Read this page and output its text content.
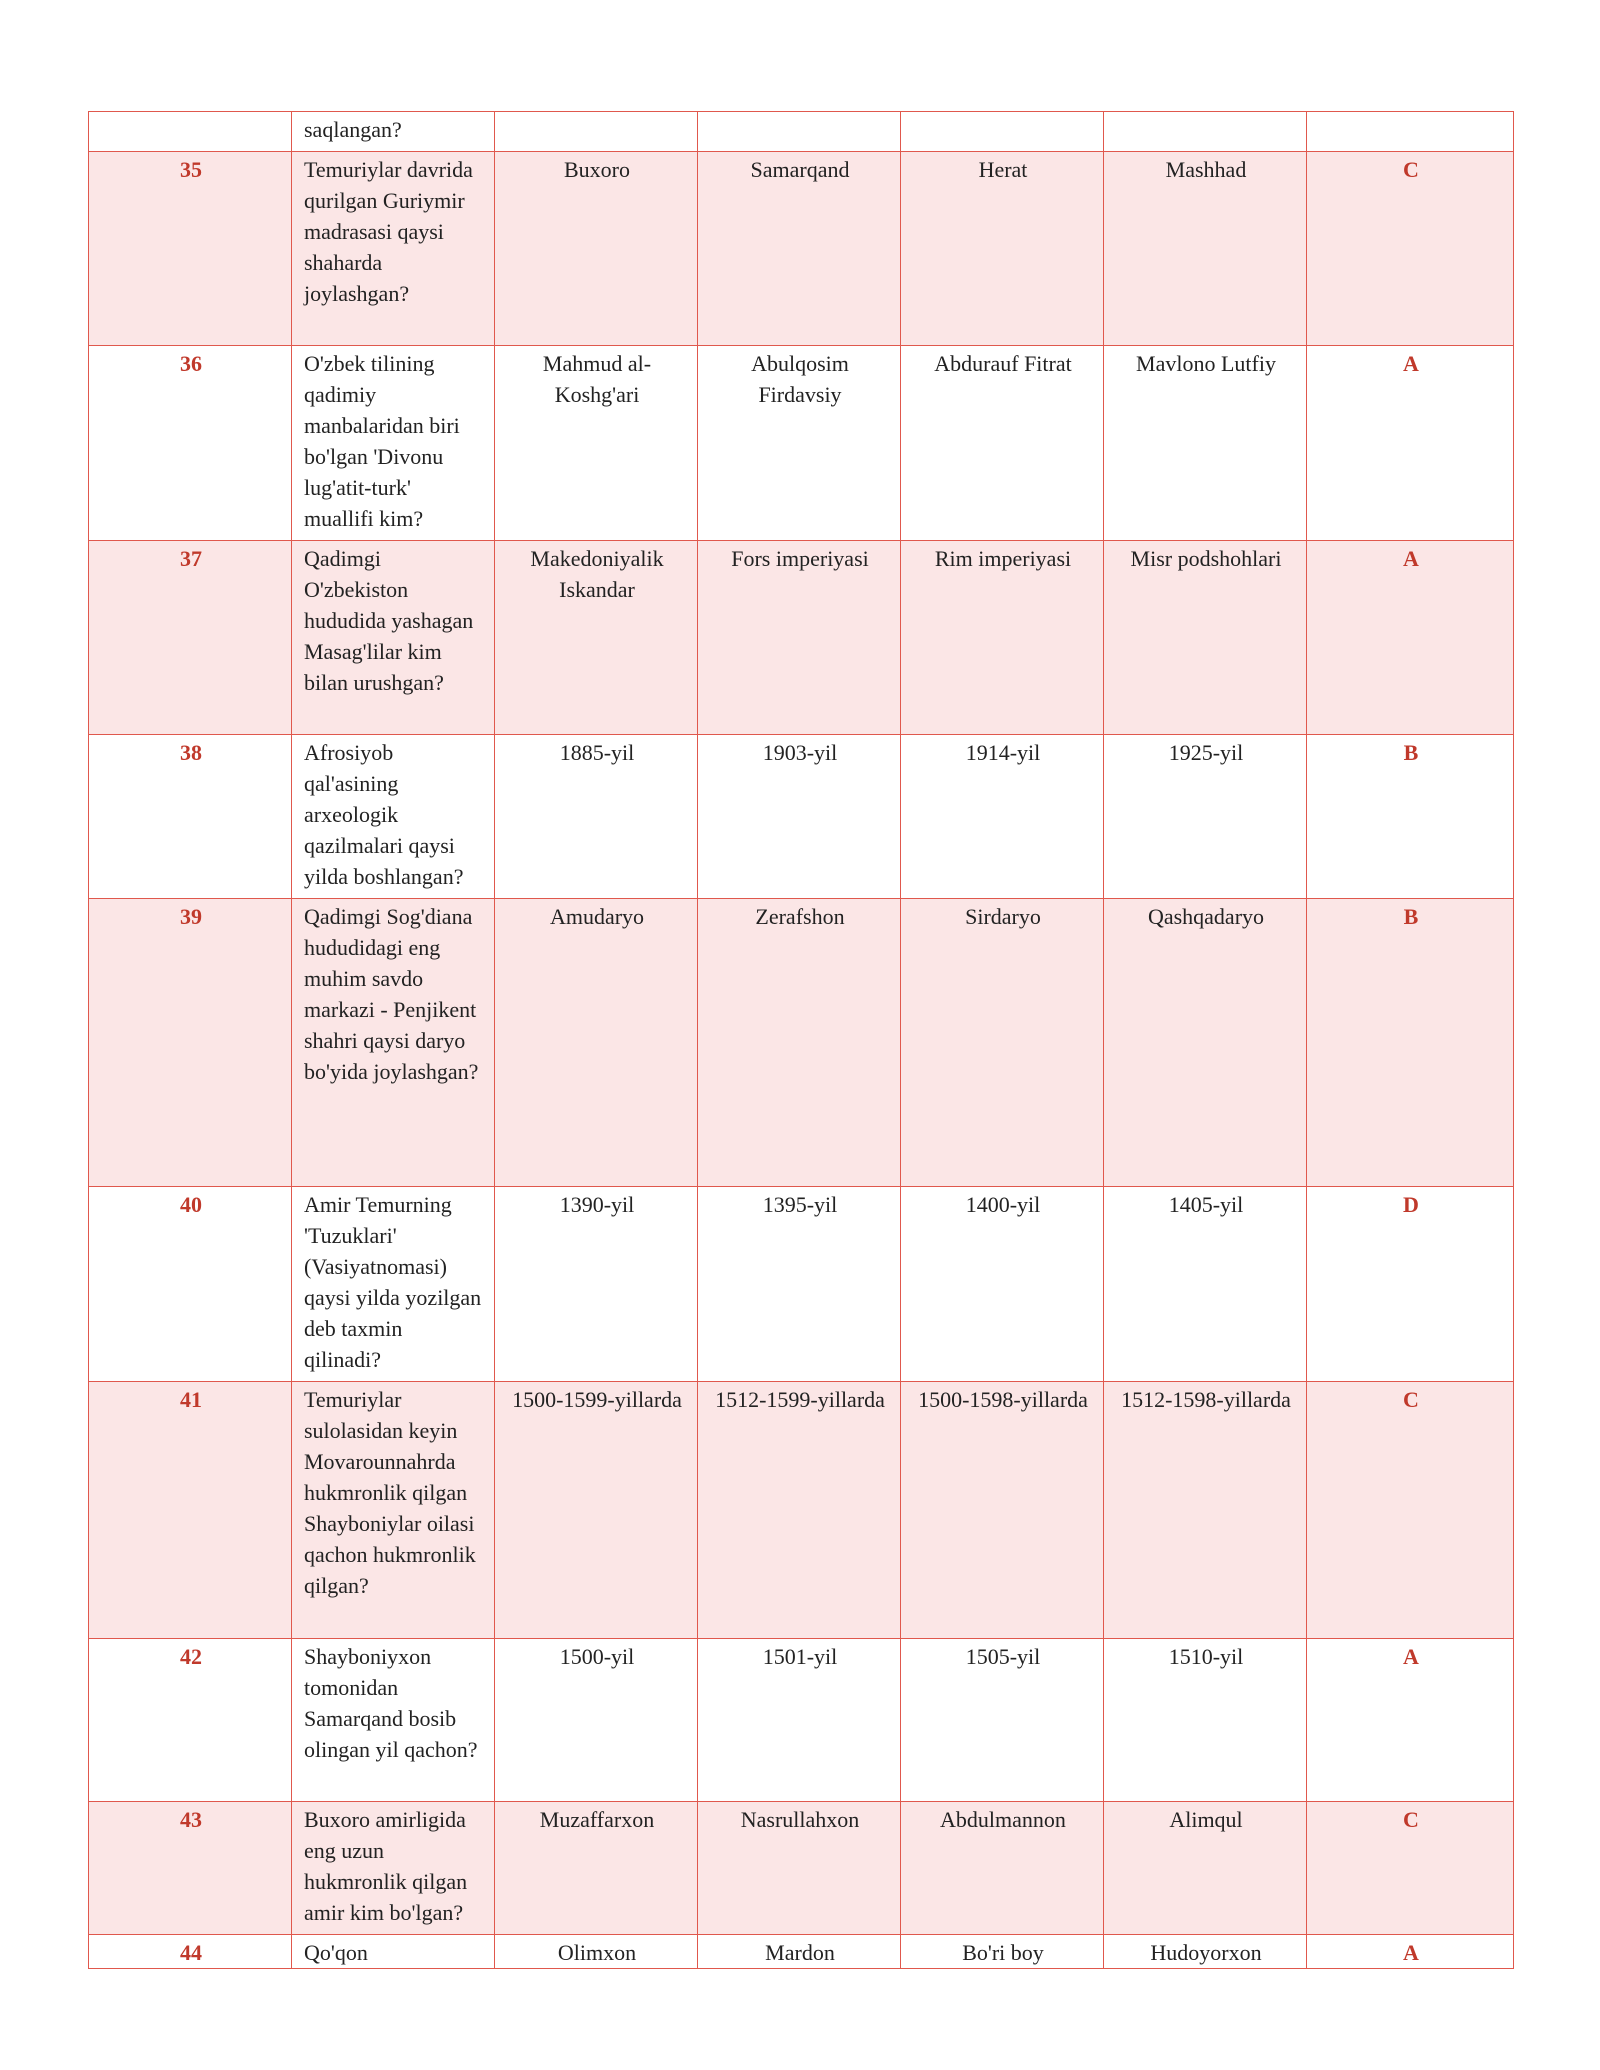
	saqlangan?					
35	Temuriylar davrida qurilgan Guriymir madrasasi qaysi shaharda joylashgan?	Buxoro	Samarqand	Herat	Mashhad	C
36	O'zbek tilining qadimiy manbalaridan biri bo'lgan 'Divonu lug'atit-turk' muallifi kim?	Mahmud al-Koshg'ari	Abulqosim Firdavsiy	Abdurauf Fitrat	Mavlono Lutfiy	A
37	Qadimgi O'zbekiston hududida yashagan Masag'lilar kim bilan urushgan?	Makedoniyalik Iskandar	Fors imperiyasi	Rim imperiyasi	Misr podshohlari	A
38	Afrosiyob qal'asining arxeologik qazilmalari qaysi yilda boshlangan?	1885-yil	1903-yil	1914-yil	1925-yil	B
39	Qadimgi Sog'diana hududidagi eng muhim savdo markazi - Penjikent shahri qaysi daryo bo'yida joylashgan?	Amudaryo	Zerafshon	Sirdaryo	Qashqadaryo	B
40	Amir Temurning 'Tuzuklari' (Vasiyatnomasi) qaysi yilda yozilgan deb taxmin qilinadi?	1390-yil	1395-yil	1400-yil	1405-yil	D
41	Temuriylar sulolasidan keyin Movarounnahrda hukmronlik qilgan Shayboniylar oilasi qachon hukmronlik qilgan?	1500-1599-yillarda	1512-1599-yillarda	1500-1598-yillarda	1512-1598-yillarda	C
42	Shayboniyxon tomonidan Samarqand bosib olingan yil qachon?	1500-yil	1501-yil	1505-yil	1510-yil	A
43	Buxoro amirligida eng uzun hukmronlik qilgan amir kim bo'lgan?	Muzaffarxon	Nasrullahxon	Abdulmannon	Alimqul	C
44	Qo'qon	Olimxon	Mardon	Bo'ri boy	Hudoyorxon	A
